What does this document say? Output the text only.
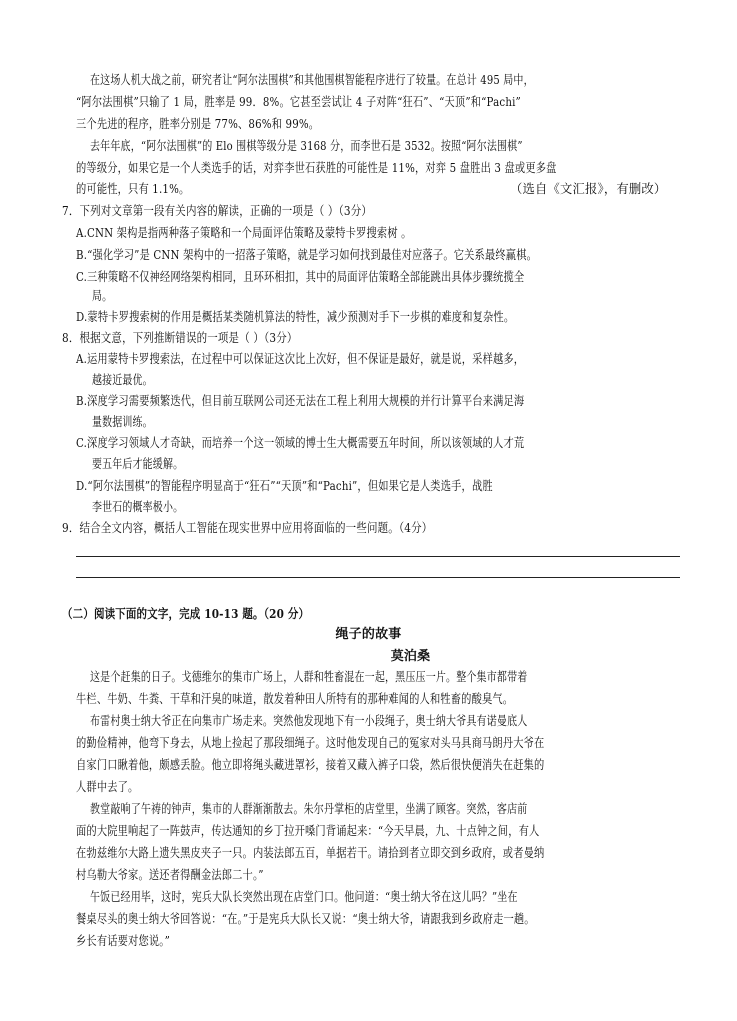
在这场人机大战之前，研究者让“阿尔法围棋”和其他围棋智能程序进行了较量。在总计 495 局中，
“阿尔法围棋”只输了 1 局，胜率是 99．8%。它甚至尝试让 4 子对阵“狂石”、“天顶”和“Pachi”
三个先进的程序，胜率分别是 77%、86%和 99%。
去年年底，“阿尔法围棋”的 Elo 围棋等级分是 3168 分，而李世石是 3532。按照“阿尔法围棋”
的等级分，如果它是一个人类选手的话，对弈李世石获胜的可能性是 11%，对弈 5 盘胜出 3 盘或更多盘
的可能性，只有 1.1%。	（选自《文汇报》，有删改）
7．下列对文章第一段有关内容的解读，正确的一项是（ ）（3分）
A.CNN 架构是指两种落子策略和一个局面评估策略及蒙特卡罗搜索树 。
B.“强化学习”是 CNN 架构中的一招落子策略，就是学习如何找到最佳对应落子。它关系最终赢棋。
C.三种策略不仅神经网络架构相同，且环环相扣，其中的局面评估策略全部能跳出具体步骤统揽全
局。
D.蒙特卡罗搜索树的作用是概括某类随机算法的特性，减少预测对手下一步棋的难度和复杂性。
8．根据文意，下列推断错误的一项是（ ）（3分）
A.运用蒙特卡罗搜索法，在过程中可以保证这次比上次好，但不保证是最好，就是说，采样越多，
越接近最优。
B.深度学习需要频繁迭代，但目前互联网公司还无法在工程上利用大规模的并行计算平台来满足海
量数据训练。
C.深度学习领域人才奇缺，而培养一个这一领域的博士生大概需要五年时间，所以该领域的人才荒
要五年后才能缓解。
D.“阿尔法围棋”的智能程序明显高于“狂石”“天顶”和“Pachi”，但如果它是人类选手，战胜
李世石的概率极小。
9．结合全文内容，概括人工智能在现实世界中应用将面临的一些问题。（4分）
（二）阅读下面的文字，完成 10-13 题。（20 分）
绳子的故事
莫泊桑
这是个赶集的日子。戈德维尔的集市广场上，人群和牲畜混在一起，黑压压一片。整个集市都带着
牛栏、牛奶、牛粪、干草和汗臭的味道，散发着种田人所特有的那种难闻的人和牲畜的酸臭气。
布雷村奥士纳大爷正在向集市广场走来。突然他发现地下有一小段绳子，奥士纳大爷具有诺曼底人
的勤俭精神，他弯下身去，从地上捡起了那段细绳子。这时他发现自己的冤家对头马具商马朗丹大爷在
自家门口瞅着他，颇感丢脸。他立即将绳头藏进罩衫，接着又藏入裤子口袋，然后很快便消失在赶集的
人群中去了。
教堂敲响了午祷的钟声，集市的人群渐渐散去。朱尔丹掌柜的店堂里，坐满了顾客。突然，客店前
面的大院里响起了一阵鼓声，传达通知的乡丁拉开嗓门背诵起来：“今天早晨，九、十点钟之间，有人
在勃兹维尔大路上遗失黑皮夹子一只。内装法郎五百，单据若干。请拾到者立即交到乡政府，或者曼纳
村乌勒大爷家。送还者得酬金法郎二十。”
午饭已经用毕，这时，宪兵大队长突然出现在店堂门口。他问道：“奥士纳大爷在这儿吗？”坐在
餐桌尽头的奥士纳大爷回答说：“在。”于是宪兵大队长又说：“奥士纳大爷，请跟我到乡政府走一趟。
乡长有话要对您说。”
